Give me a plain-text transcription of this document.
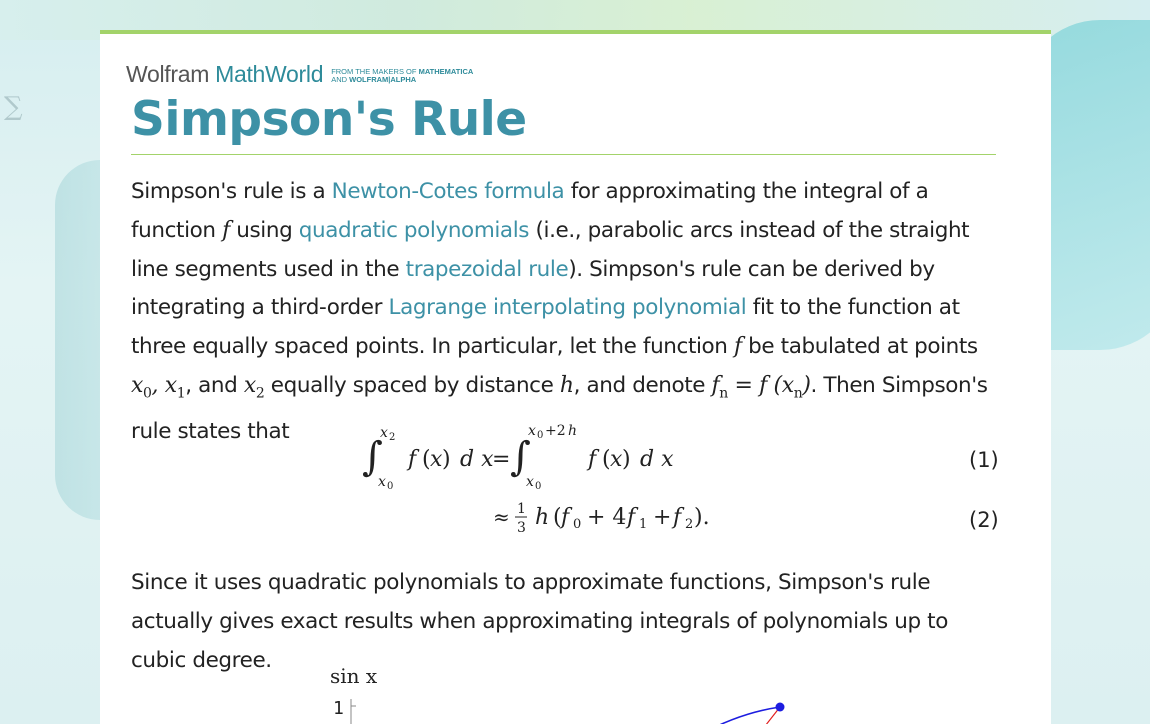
∑
Wolfram MathWorld FROM THE MAKERS OF MATHEMATICA
AND WOLFRAM|ALPHA
Simpson's Rule

Simpson's rule is a Newton-Cotes formula for approximating the integral of a function f using quadratic polynomials (i.e., parabolic arcs instead of the straight line segments used in the trapezoidal rule). Simpson's rule can be derived by integrating a third-order Lagrange interpolating polynomial fit to the function at three equally spaced points. In particular, let the function f be tabulated at points $x_0$, $x_1$, and $x_2$ equally spaced by distance h, and denote $f_n = f$ $(x_n)$. Then Simpson's rule states that

∫
x 2
x 0
f ( x ) d x
= ∫
x 0 +2 h
x 0
f ( x ) d x	(1)
≈ 1
3 h ( f 0 + 4 f 1 + f 2 ).	(2)

Since it uses quadratic polynomials to approximate functions, Simpson's rule actually gives exact results when approximating integrals of polynomials up to cubic degree.

sin x
1
